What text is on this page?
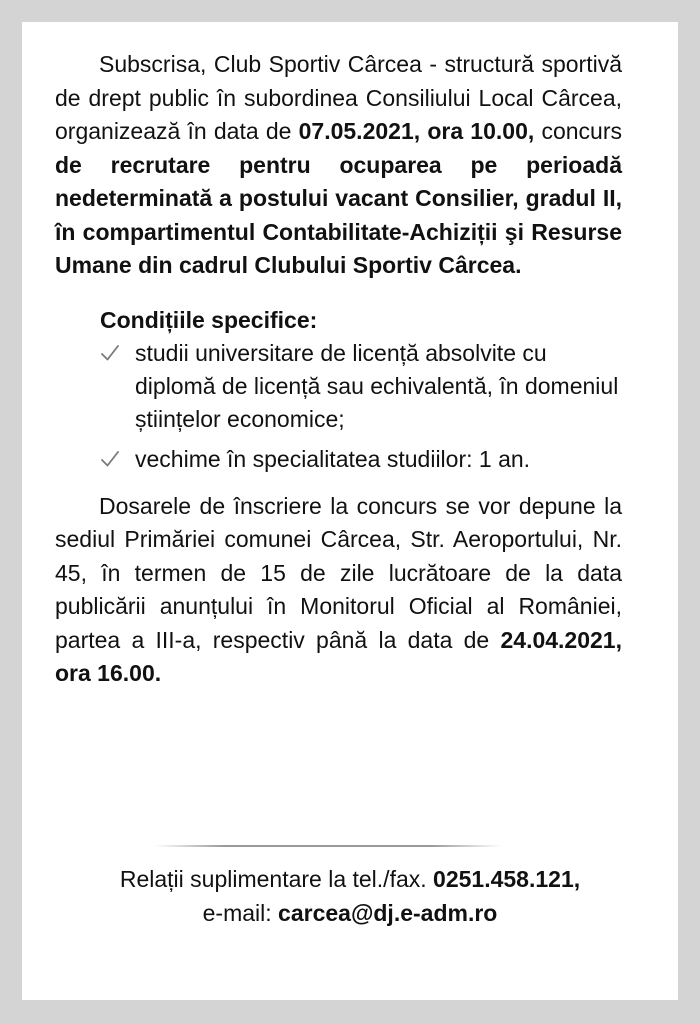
Subscrisa, Club Sportiv Cârcea - structură sportivă de drept public în subordinea Consiliului Local Cârcea, organizează în data de 07.05.2021, ora 10.00, concurs de recrutare pentru ocuparea pe perioadă nedeterminată a postului vacant Consilier, gradul II, în compartimentul Contabilitate-Achiziții şi Resurse Umane din cadrul Clubului Sportiv Cârcea.

Condițiile specifice:
studii universitare de licență absolvite cu diplomă de licență sau echivalentă, în domeniul științelor economice;
vechime în specialitatea studiilor: 1 an.

Dosarele de înscriere la concurs se vor depune la sediul Primăriei comunei Cârcea, Str. Aeroportului, Nr. 45, în termen de 15 de zile lucrătoare de la data publicării anunțului în Monitorul Oficial al României, partea a III-a, respectiv până la data de 24.04.2021, ora 16.00.

Relații suplimentare la tel./fax. 0251.458.121,
e-mail: carcea@dj.e-adm.ro
